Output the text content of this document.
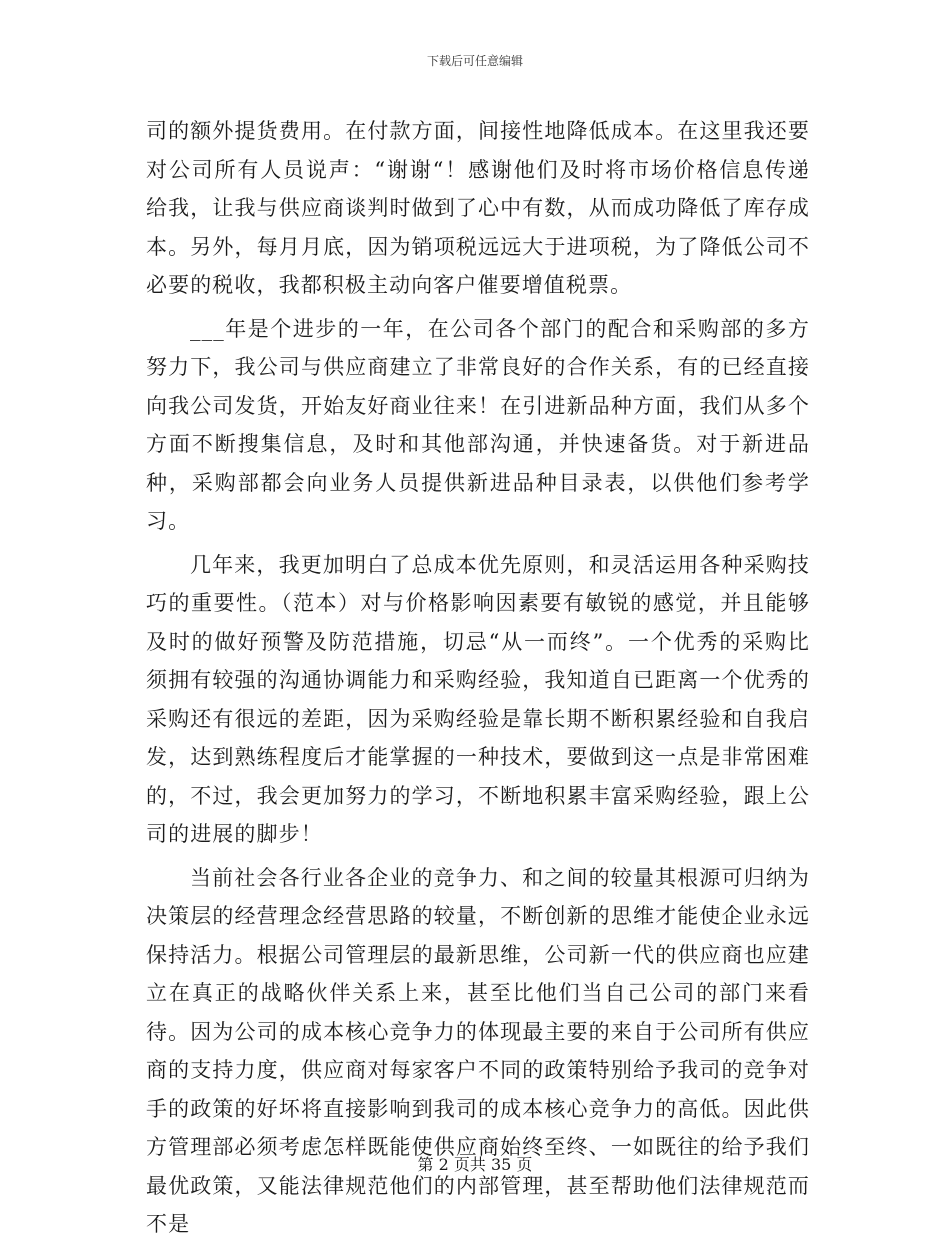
下载后可任意编辑

司的额外提货费用。在付款方面，间接性地降低成本。在这里我还要对公司所有人员说声：“谢谢“！感谢他们及时将市场价格信息传递给我，让我与供应商谈判时做到了心中有数，从而成功降低了库存成本。另外，每月月底，因为销项税远远大于进项税，为了降低公司不必要的税收，我都积极主动向客户催要增值税票。

___年是个进步的一年，在公司各个部门的配合和采购部的多方努力下，我公司与供应商建立了非常良好的合作关系，有的已经直接向我公司发货，开始友好商业往来！在引进新品种方面，我们从多个方面不断搜集信息，及时和其他部沟通，并快速备货。对于新进品种，采购部都会向业务人员提供新进品种目录表，以供他们参考学习。

几年来，我更加明白了总成本优先原则，和灵活运用各种采购技巧的重要性。（范本）对与价格影响因素要有敏锐的感觉，并且能够及时的做好预警及防范措施，切忌“从一而终”。一个优秀的采购比须拥有较强的沟通协调能力和采购经验，我知道自已距离一个优秀的采购还有很远的差距，因为采购经验是靠长期不断积累经验和自我启发，达到熟练程度后才能掌握的一种技术，要做到这一点是非常困难的，不过，我会更加努力的学习，不断地积累丰富采购经验，跟上公司的进展的脚步！

当前社会各行业各企业的竞争力、和之间的较量其根源可归纳为决策层的经营理念经营思路的较量，不断创新的思维才能使企业永远保持活力。根据公司管理层的最新思维，公司新一代的供应商也应建立在真正的战略伙伴关系上来，甚至比他们当自己公司的部门来看待。因为公司的成本核心竞争力的体现最主要的来自于公司所有供应商的支持力度，供应商对每家客户不同的政策特别给予我司的竞争对手的政策的好坏将直接影响到我司的成本核心竞争力的高低。因此供方管理部必须考虑怎样既能使供应商始终至终、一如既往的给予我们最优政策，又能法律规范他们的内部管理，甚至帮助他们法律规范而不是

第 2 页共 35 页
